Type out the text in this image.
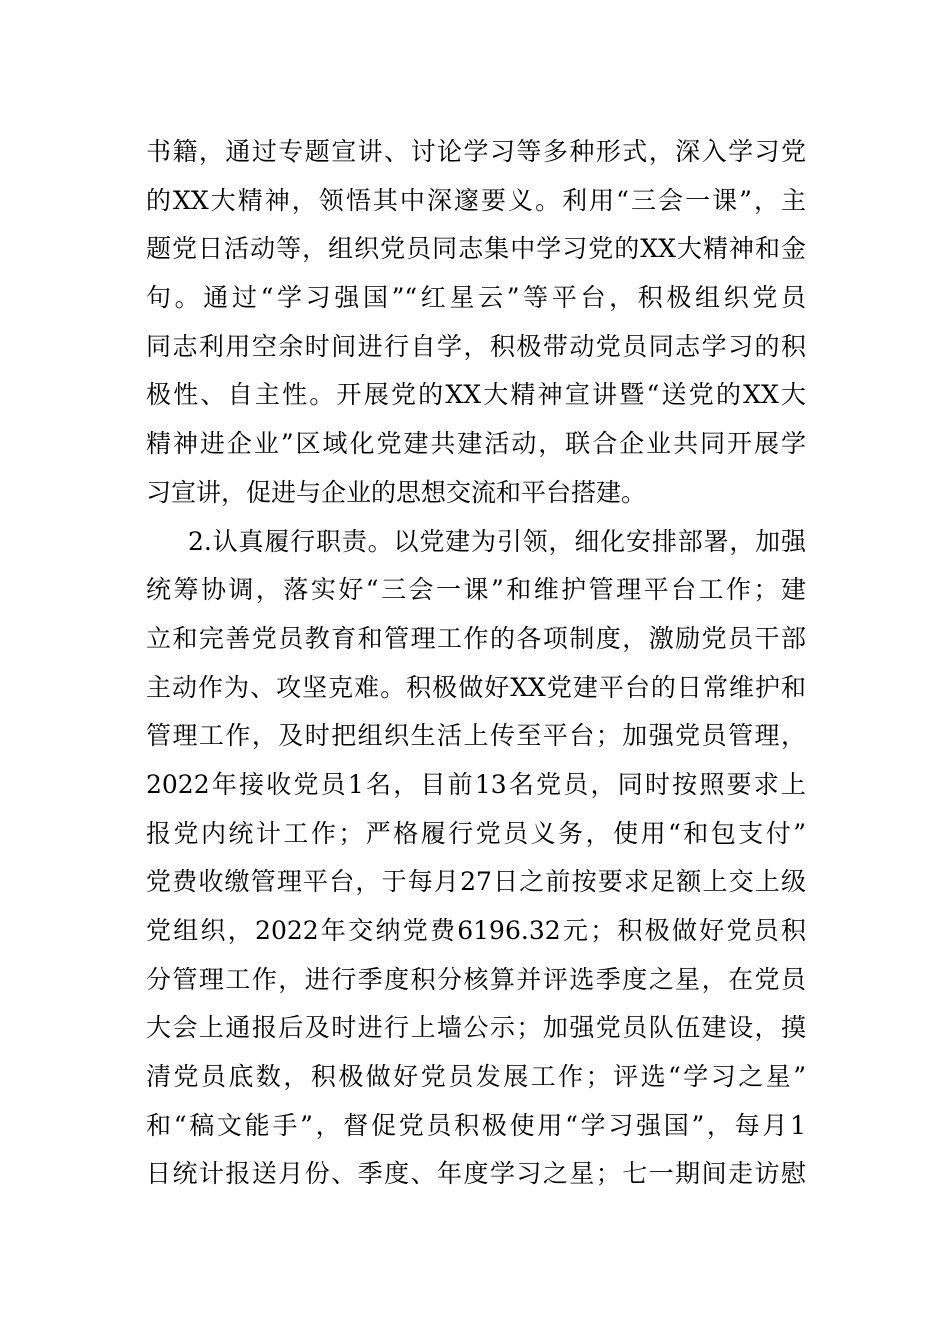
书籍，通过专题宣讲、讨论学习等多种形式，深入学习党
的XX大精神，领悟其中深邃要义。利用“三会一课”，主
题党日活动等，组织党员同志集中学习党的XX大精神和金
句。通过“学习强国”“红星云”等平台，积极组织党员
同志利用空余时间进行自学，积极带动党员同志学习的积
极性、自主性。开展党的XX大精神宣讲暨“送党的XX大
精神进企业”区域化党建共建活动，联合企业共同开展学
习宣讲，促进与企业的思想交流和平台搭建。
2.认真履行职责。以党建为引领，细化安排部署，加强
统筹协调，落实好“三会一课”和维护管理平台工作；建
立和完善党员教育和管理工作的各项制度，激励党员干部
主动作为、攻坚克难。积极做好XX党建平台的日常维护和
管理工作，及时把组织生活上传至平台；加强党员管理，
2022年接收党员1名，目前13名党员，同时按照要求上
报党内统计工作；严格履行党员义务，使用“和包支付”
党费收缴管理平台，于每月27日之前按要求足额上交上级
党组织，2022年交纳党费6196.32元；积极做好党员积
分管理工作，进行季度积分核算并评选季度之星，在党员
大会上通报后及时进行上墙公示；加强党员队伍建设，摸
清党员底数，积极做好党员发展工作；评选“学习之星”
和“稿文能手”，督促党员积极使用“学习强国”，每月1
日统计报送月份、季度、年度学习之星；七一期间走访慰
